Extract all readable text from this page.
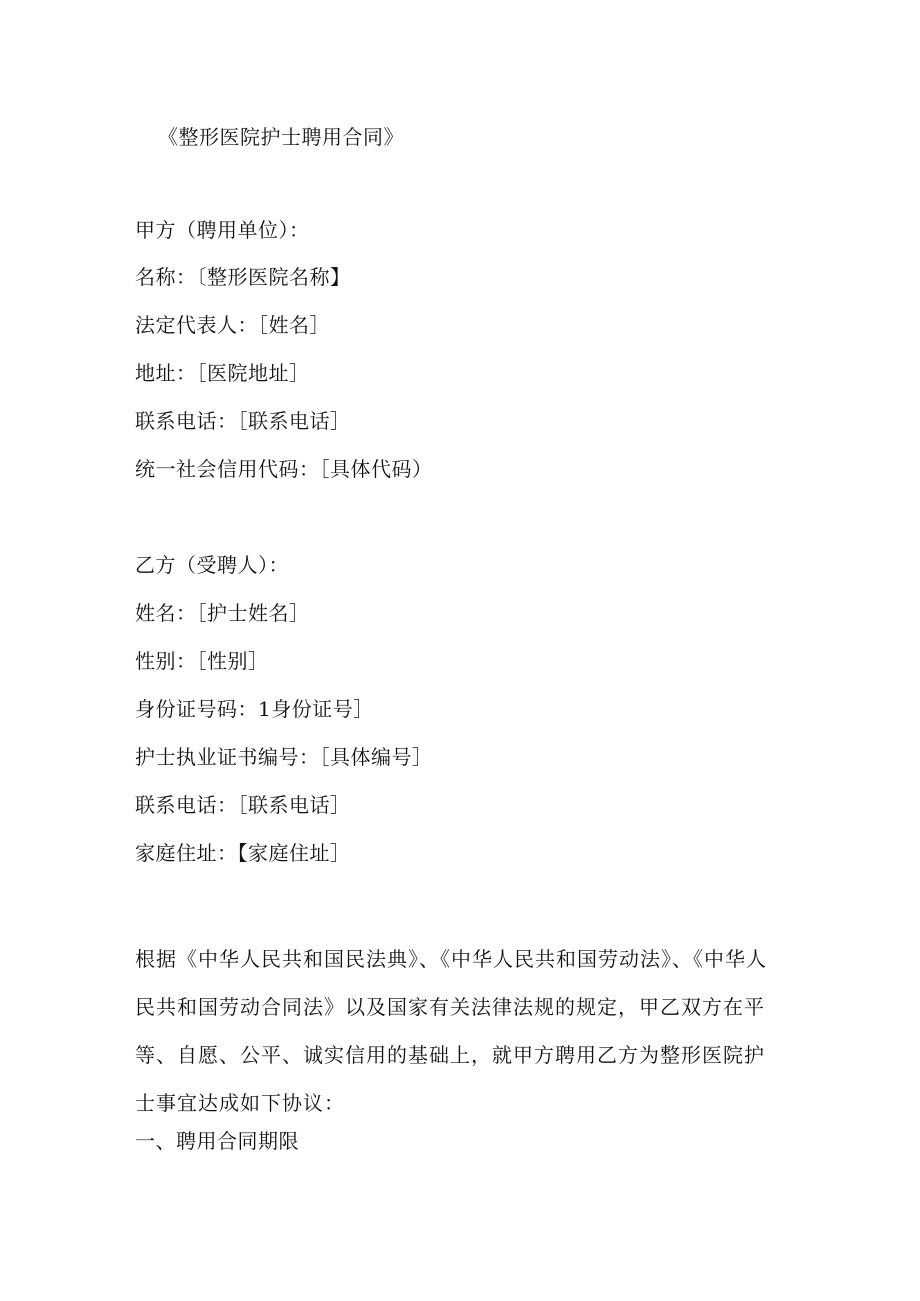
《整形医院护士聘用合同》
甲方（聘用单位）：
名称：〔整形医院名称】
法定代表人：［姓名］
地址：［医院地址］
联系电话：［联系电话］
统一社会信用代码：［具体代码）
乙方（受聘人）：
姓名：［护士姓名］
性别：［性别］
身份证号码：1身份证号］
护士执业证书编号：［具体编号］
联系电话：［联系电话］
家庭住址：【家庭住址］
根据《中华人民共和国民法典》、《中华人民共和国劳动法》、《中华人民共和国劳动合同法》以及国家有关法律法规的规定，甲乙双方在平等、自愿、公平、诚实信用的基础上，就甲方聘用乙方为整形医院护士事宜达成如下协议：
一、聘用合同期限
